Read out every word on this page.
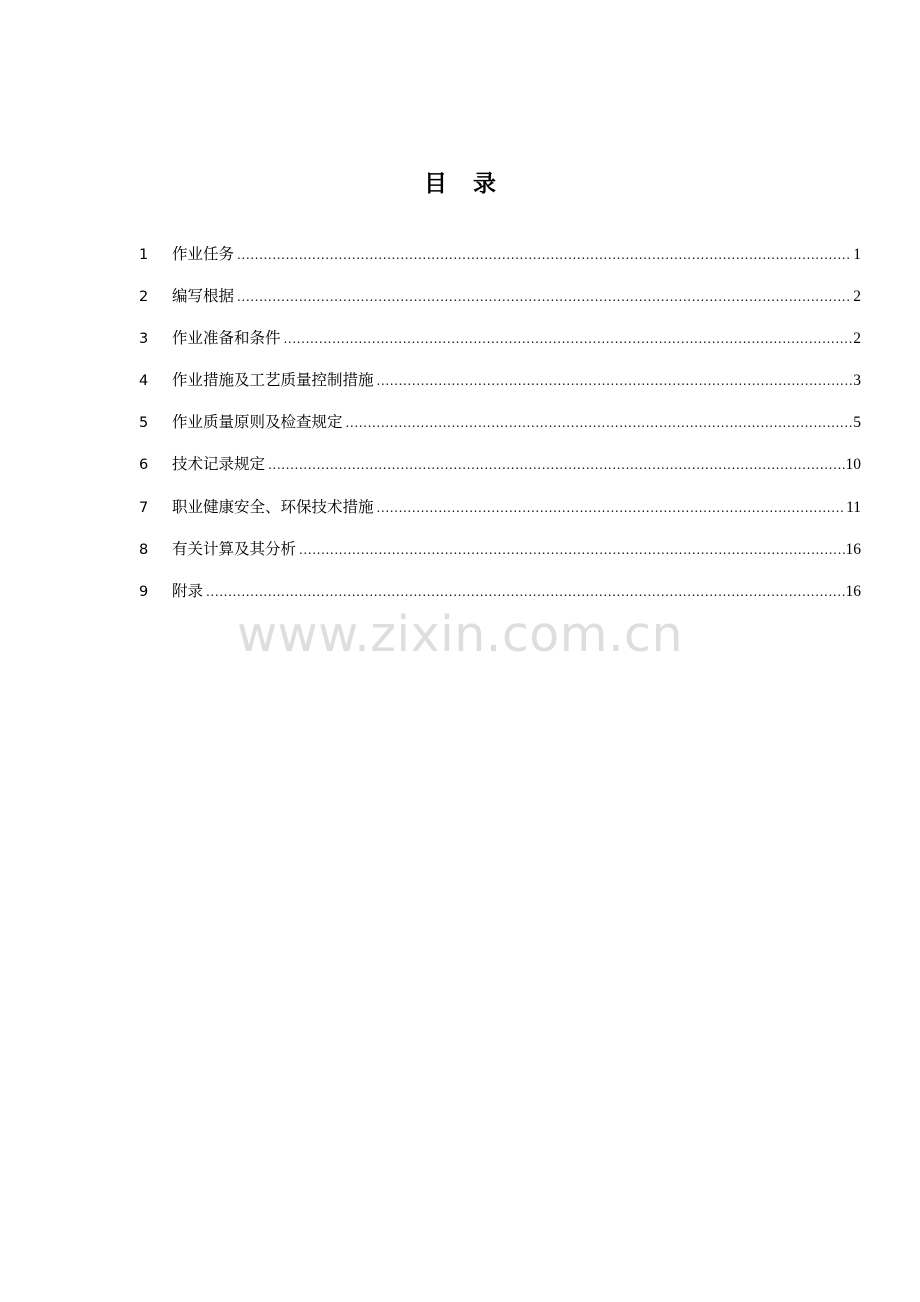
目 录
1	作业任务 .....	1
2	编写根据 .....	2
3	作业准备和条件 .....	2
4	作业措施及工艺质量控制措施 .....	3
5	作业质量原则及检查规定 .....	5
6	技术记录规定 .....	10
7	职业健康安全、环保技术措施 .....	11
8	有关计算及其分析 .....	16
9	附录 .....	16
www.zixin.com.cn
